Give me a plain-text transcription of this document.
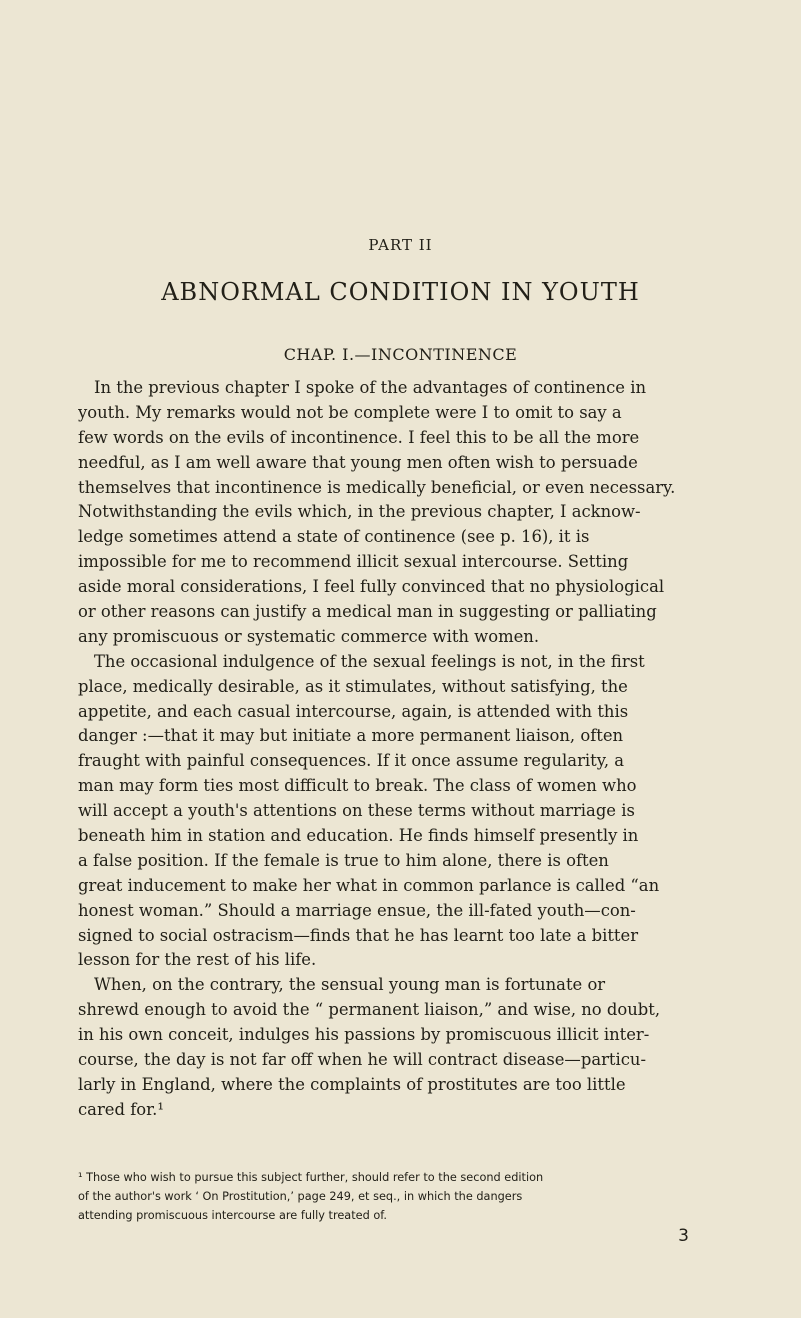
PART II
ABNORMAL CONDITION IN YOUTH
CHAP. I.—INCONTINENCE
In the previous chapter I spoke of the advantages of continence in
youth. My remarks would not be complete were I to omit to say a
few words on the evils of incontinence. I feel this to be all the more
needful, as I am well aware that young men often wish to persuade
themselves that incontinence is medically beneficial, or even necessary.
Notwithstanding the evils which, in the previous chapter, I acknow-
ledge sometimes attend a state of continence (see p. 16), it is
impossible for me to recommend illicit sexual intercourse. Setting
aside moral considerations, I feel fully convinced that no physiological
or other reasons can justify a medical man in suggesting or palliating
any promiscuous or systematic commerce with women.
The occasional indulgence of the sexual feelings is not, in the first
place, medically desirable, as it stimulates, without satisfying, the
appetite, and each casual intercourse, again, is attended with this
danger :—that it may but initiate a more permanent liaison, often
fraught with painful consequences. If it once assume regularity, a
man may form ties most difficult to break. The class of women who
will accept a youth's attentions on these terms without marriage is
beneath him in station and education. He finds himself presently in
a false position. If the female is true to him alone, there is often
great inducement to make her what in common parlance is called “an
honest woman.” Should a marriage ensue, the ill-fated youth—con-
signed to social ostracism—finds that he has learnt too late a bitter
lesson for the rest of his life.
When, on the contrary, the sensual young man is fortunate or
shrewd enough to avoid the “ permanent liaison,” and wise, no doubt,
in his own conceit, indulges his passions by promiscuous illicit inter-
course, the day is not far off when he will contract disease—particu-
larly in England, where the complaints of prostitutes are too little
cared for.¹
¹ Those who wish to pursue this subject further, should refer to the second edition
of the author's work ‘ On Prostitution,’ page 249, et seq., in which the dangers
attending promiscuous intercourse are fully treated of.
3
